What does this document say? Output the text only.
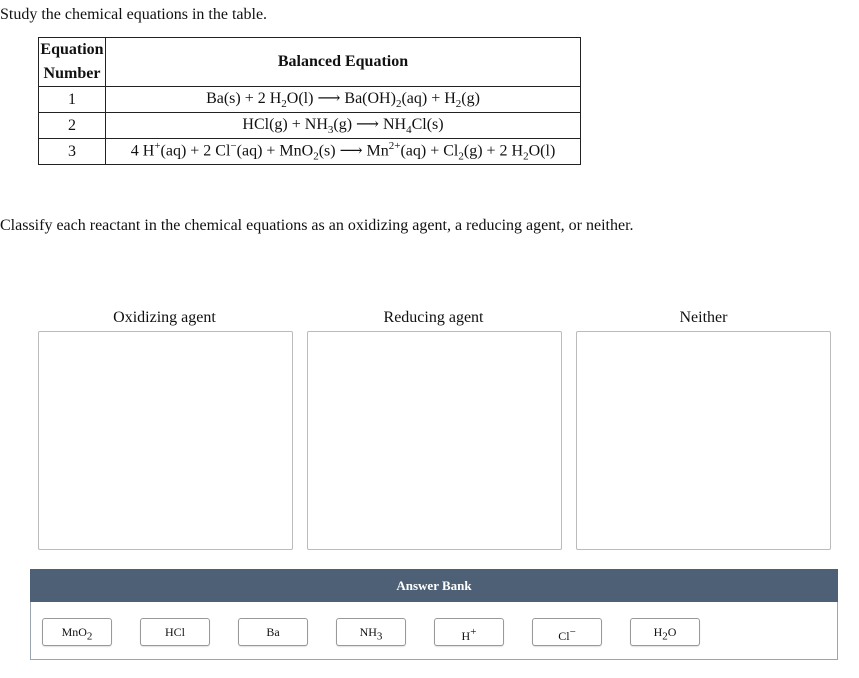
Study the chemical equations in the table.
Equation
Number	Balanced Equation
1	Ba(s) + 2 $H_2O(l)$ ⟶ $Ba(OH)_2(aq) + H_2(g)$
2	$HCl(g) + NH_3(g)$ ⟶ $NH_4Cl(s)$
3	4 H+(aq) + 2 Cl−(aq) + MnO$_2$(s) ⟶ $Mn^{2+}(aq) + Cl_2(g) + 2$ $H_2O(l)$
Classify each reactant in the chemical equations as an oxidizing agent, a reducing agent, or neither.
Oxidizing agent	Reducing agent	Neither
Answer Bank
MnO$_2$	HCl	Ba	$NH_3$	H+	Cl−	$H_2O$
